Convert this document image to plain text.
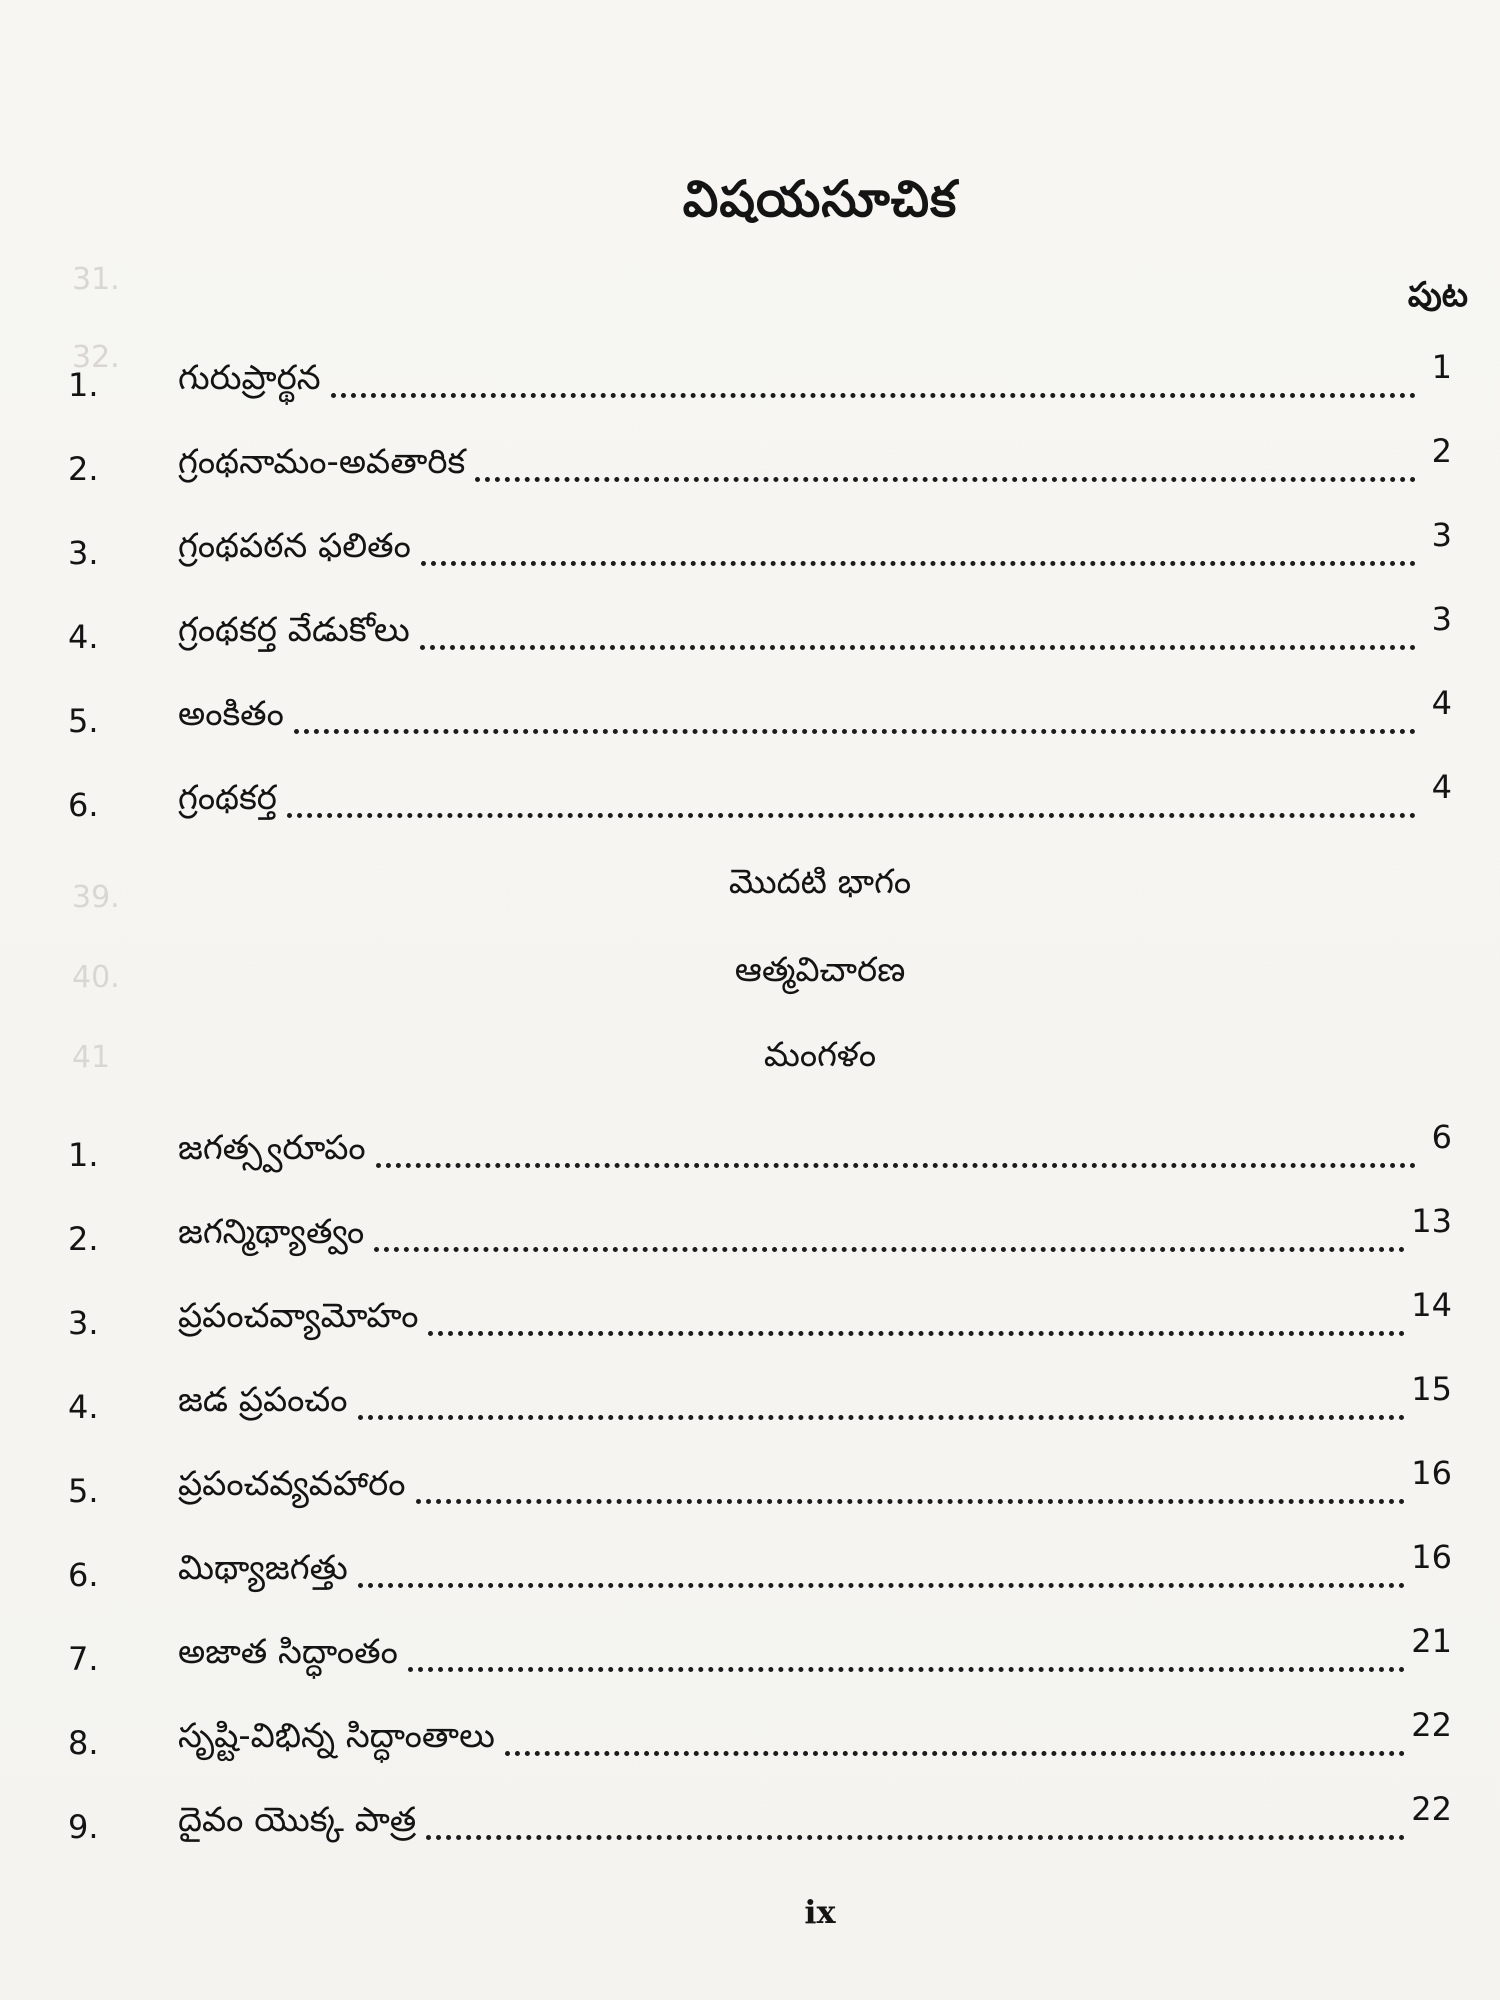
31.
32.
39.
40.
41
విషయసూచిక
పుట
1.	గురుప్రార్థన	1
2.	గ్రంథనామం-అవతారిక	2
3.	గ్రంథపఠన ఫలితం	3
4.	గ్రంథకర్త వేడుకోలు	3
5.	అంకితం	4
6.	గ్రంథకర్త	4
మొదటి భాగం
ఆత్మవిచారణ
మంగళం
1.	జగత్స్వరూపం	6
2.	జగన్మిథ్యాత్వం	13
3.	ప్రపంచవ్యామోహం	14
4.	జడ ప్రపంచం	15
5.	ప్రపంచవ్యవహారం	16
6.	మిథ్యాజగత్తు	16
7.	అజాత సిద్ధాంతం	21
8.	సృష్టి-విభిన్న సిద్ధాంతాలు	22
9.	దైవం యొక్క పాత్ర	22
ix
